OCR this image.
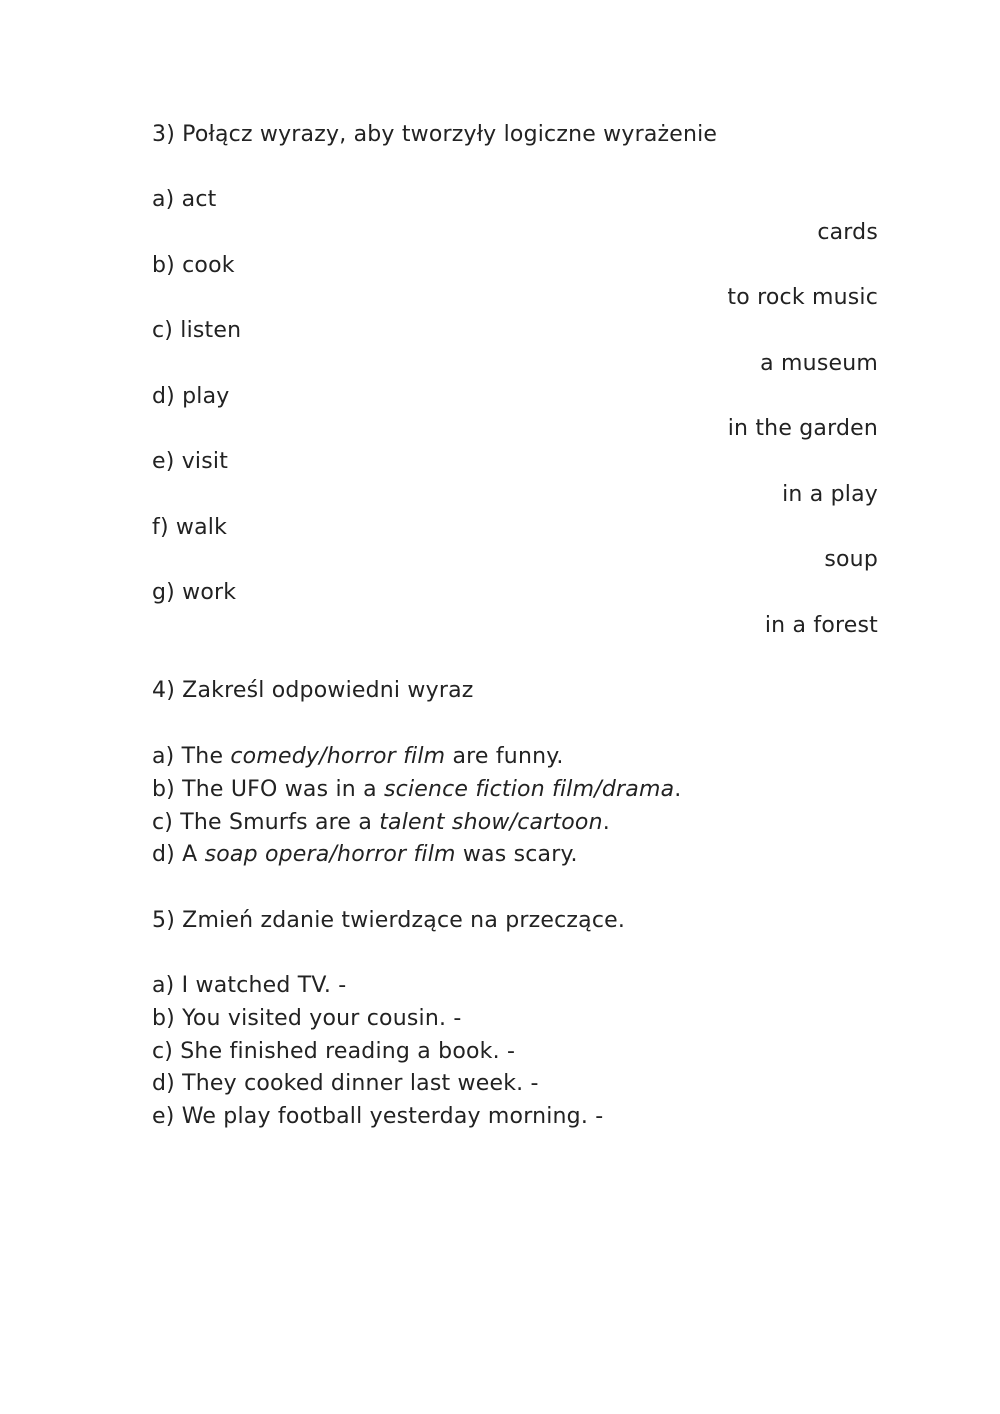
3) Połącz wyrazy, aby tworzyły logiczne wyrażenie
a) act
cards
b) cook
to rock music
c) listen
a museum
d) play
in the garden
e) visit
in a play
f) walk
soup
g) work
in a forest
4) Zakreśl odpowiedni wyraz
a) The comedy/horror film are funny.
b) The UFO was in a science fiction film/drama.
c) The Smurfs are a talent show/cartoon.
d) A soap opera/horror film was scary.
5) Zmień zdanie twierdzące na przeczące.
a) I watched TV. -
b) You visited your cousin. -
c) She finished reading a book. -
d) They cooked dinner last week. -
e) We play football yesterday morning. -
